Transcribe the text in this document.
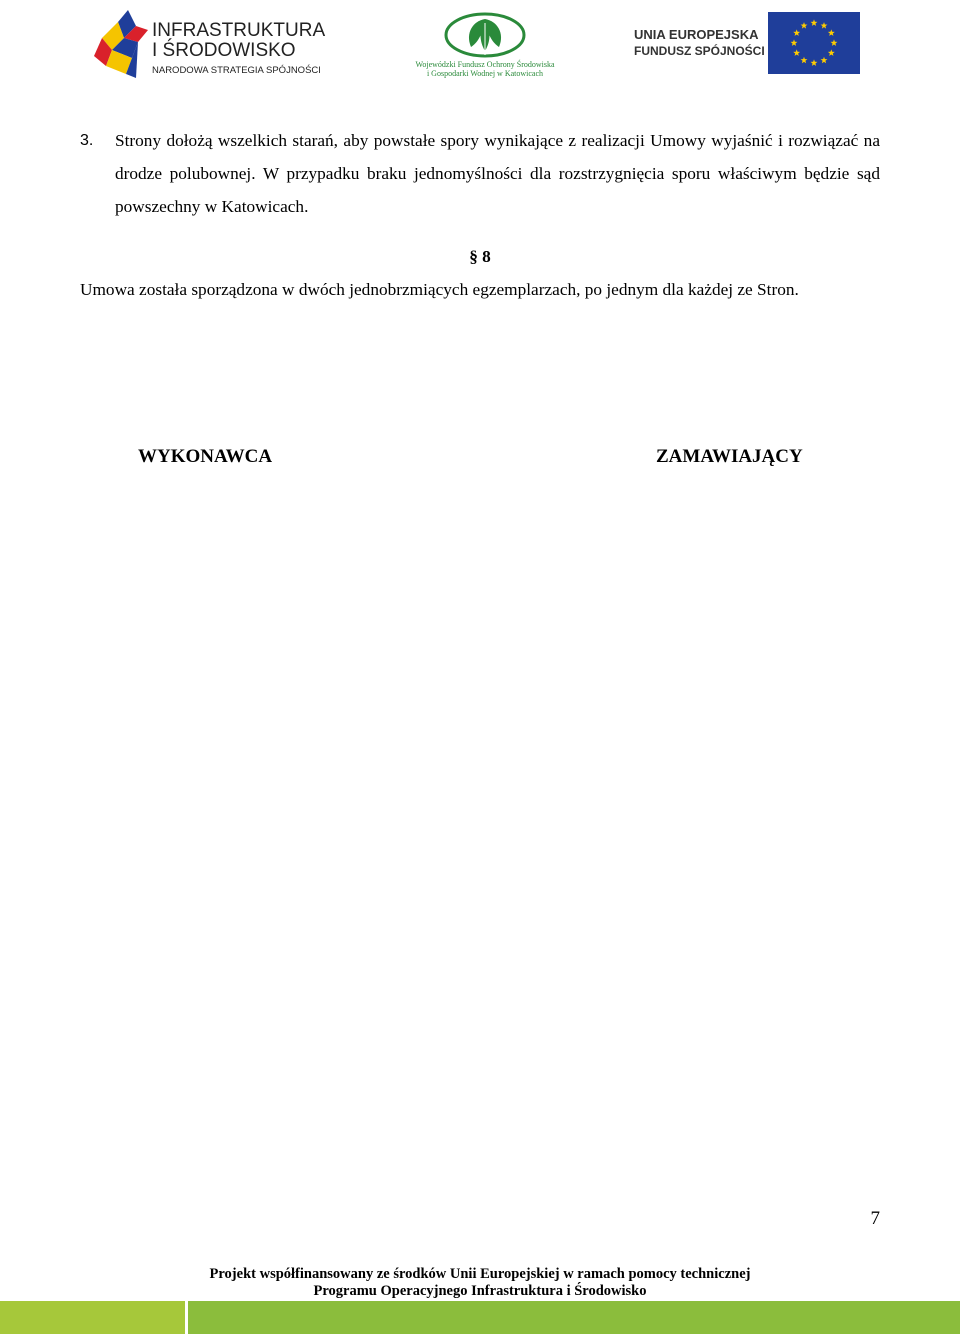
INFRASTRUKTURA
I ŚRODOWISKO
NARODOWA STRATEGIA SPÓJNOŚCI
Wojewódzki Fundusz Ochrony Środowiska
i Gospodarki Wodnej w Katowicach
UNIA EUROPEJSKA
FUNDUSZ SPÓJNOŚCI
3. Strony dołożą wszelkich starań, aby powstałe spory wynikające z realizacji Umowy wyjaśnić i rozwiązać na drodze polubownej. W przypadku braku jednomyślności dla rozstrzygnięcia sporu właściwym będzie sąd powszechny w Katowicach.
§ 8
Umowa została sporządzona w dwóch jednobrzmiących egzemplarzach, po jednym dla każdej ze Stron.
WYKONAWCA	ZAMAWIAJĄCY
7
Projekt współfinansowany ze środków Unii Europejskiej w ramach pomocy technicznej
Programu Operacyjnego Infrastruktura i Środowisko
